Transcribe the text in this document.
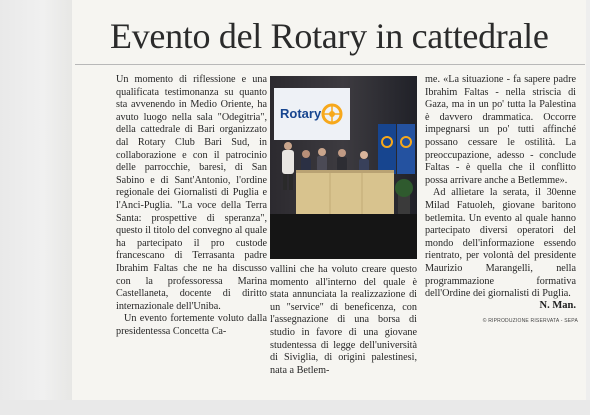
Evento del Rotary in cattedrale

Un momento di riflessione e una qualificata testimonanza su quanto sta avvenendo in Medio Oriente, ha avuto luogo nella sala "Odegitria", della cattedrale di Bari organizzato dal Rotary Club Bari Sud, in collaborazione e con il patrocinio delle parrocchie, baresi, di San Sabino e di Sant'Antonio, l'ordine regionale dei Giornalisti di Puglia e l'Anci-Puglia. "La voce della Terra Santa: prospettive di speranza", questo il titolo del convegno al quale ha partecipato il pro custode francescano di Terrasanta padre Ibrahim Faltas che ne ha discusso con la professoressa Marina Castellaneta, docente di diritto internazionale dell'Uniba.

Un evento fortemente voluto dalla presidentessa Concetta Ca-

Rotary

vallini che ha voluto creare questo momento all'interno del quale è stata annunciata la realizzazione di un "service" di beneficenza, con l'assegnazione di una borsa di studio in favore di una giovane studentessa di legge dell'università di Siviglia, di origini palestinesi, nata a Betlem-

me. «La situazione - fa sapere padre Ibrahim Faltas - nella striscia di Gaza, ma in un po' tutta la Palestina è davvero drammatica. Occorre impegnarsi un po' tutti affinché possano cessare le ostilità. La preoccupazione, adesso - conclude Faltas - è quella che il conflitto possa arrivare anche a Betlemme».

Ad allietare la serata, il 30enne Milad Fatuoleh, giovane baritono betlemita. Un evento al quale hanno partecipato diversi operatori del mondo dell'informazione essendo rientrato, per volontà del presidente Maurizio Marangelli, nella programmazione formativa dell'Ordine dei giornalisti di Puglia.

N. Man.
© RIPRODUZIONE RISERVATA - SEPA
